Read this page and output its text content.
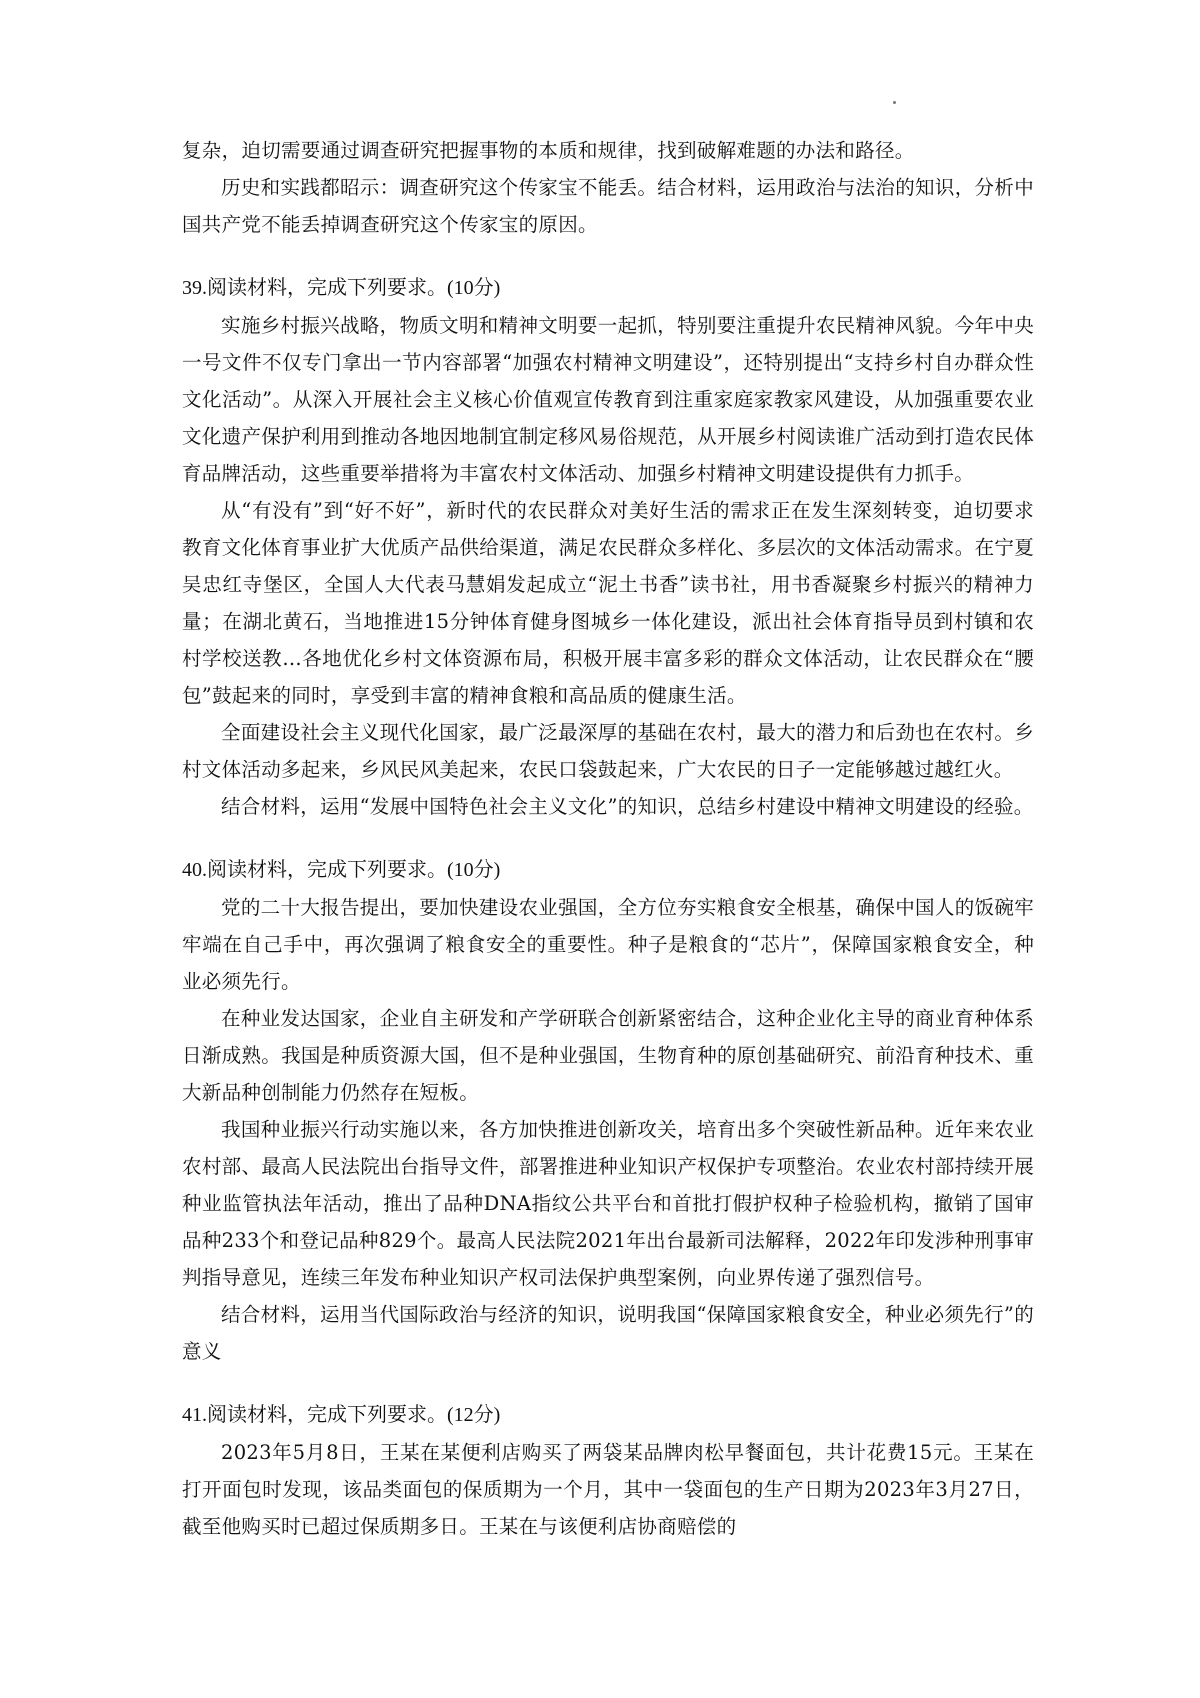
复杂，迫切需要通过调查研究把握事物的本质和规律，找到破解难题的办法和路径。

历史和实践都昭示：调查研究这个传家宝不能丢。结合材料，运用政治与法治的知识，分析中国共产党不能丢掉调查研究这个传家宝的原因。

39.阅读材料，完成下列要求。(10分)

实施乡村振兴战略，物质文明和精神文明要一起抓，特别要注重提升农民精神风貌。今年中央一号文件不仅专门拿出一节内容部署“加强农村精神文明建设”，还特别提出“支持乡村自办群众性文化活动”。从深入开展社会主义核心价值观宣传教育到注重家庭家教家风建设，从加强重要农业文化遗产保护利用到推动各地因地制宜制定移风易俗规范，从开展乡村阅读谁广活动到打造农民体育品牌活动，这些重要举措将为丰富农村文体活动、加强乡村精神文明建设提供有力抓手。

从“有没有”到“好不好”，新时代的农民群众对美好生活的需求正在发生深刻转变，迫切要求教育文化体育事业扩大优质产品供给渠道，满足农民群众多样化、多层次的文体活动需求。在宁夏吴忠红寺堡区，全国人大代表马慧娟发起成立“泥土书香”读书社，用书香凝聚乡村振兴的精神力量；在湖北黄石，当地推进15分钟体育健身图城乡一体化建设，派出社会体育指导员到村镇和农村学校送教…各地优化乡村文体资源布局，积极开展丰富多彩的群众文体活动，让农民群众在“腰包”鼓起来的同时，享受到丰富的精神食粮和高品质的健康生活。

全面建设社会主义现代化国家，最广泛最深厚的基础在农村，最大的潜力和后劲也在农村。乡村文体活动多起来，乡风民风美起来，农民口袋鼓起来，广大农民的日子一定能够越过越红火。

结合材料，运用“发展中国特色社会主义文化”的知识，总结乡村建设中精神文明建设的经验。

40.阅读材料，完成下列要求。(10分)

党的二十大报告提出，要加快建设农业强国，全方位夯实粮食安全根基，确保中国人的饭碗牢牢端在自己手中，再次强调了粮食安全的重要性。种子是粮食的“芯片”，保障国家粮食安全，种业必须先行。

在种业发达国家，企业自主研发和产学研联合创新紧密结合，这种企业化主导的商业育种体系日渐成熟。我国是种质资源大国，但不是种业强国，生物育种的原创基础研究、前沿育种技术、重大新品种创制能力仍然存在短板。

我国种业振兴行动实施以来，各方加快推进创新攻关，培育出多个突破性新品种。近年来农业农村部、最高人民法院出台指导文件，部署推进种业知识产权保护专项整治。农业农村部持续开展种业监管执法年活动，推出了品种DNA指纹公共平台和首批打假护权种子检验机构，撤销了国审品种233个和登记品种829个。最高人民法院2021年出台最新司法解释，2022年印发涉种刑事审判指导意见，连续三年发布种业知识产权司法保护典型案例，向业界传递了强烈信号。

结合材料，运用当代国际政治与经济的知识，说明我国“保障国家粮食安全，种业必须先行”的意义

41.阅读材料，完成下列要求。(12分)

2023年5月8日，王某在某便利店购买了两袋某品牌肉松早餐面包，共计花费15元。王某在打开面包时发现，该品类面包的保质期为一个月，其中一袋面包的生产日期为2023年3月27日，截至他购买时已超过保质期多日。王某在与该便利店协商赔偿的
